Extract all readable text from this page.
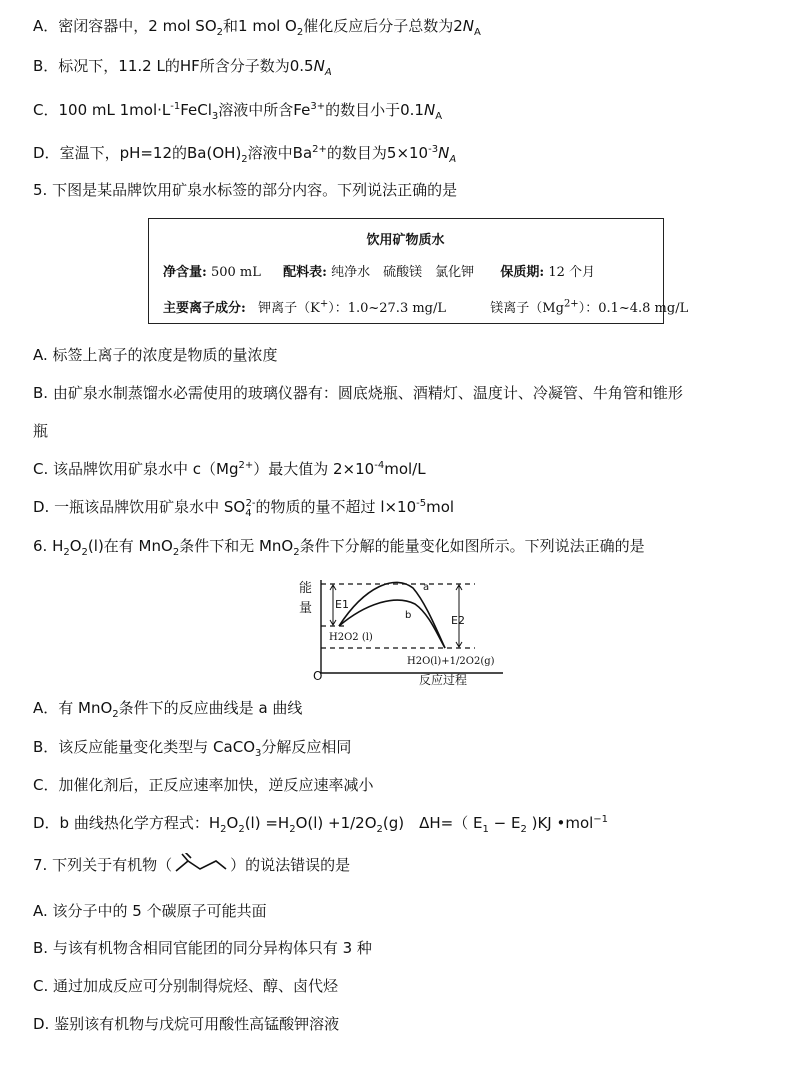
A．密闭容器中，2 mol $SO_2$和1 mol $O_2$催化反应后分子总数为$2N_A$
B．标况下，11.2 L的HF所含分子数为$0.5N_A$
C．100 mL $1mol\cdot L^{-1}FeCl_3$溶液中所含$Fe^{3+}$的数目小于$0.1N_A$
D．室温下，pH=12的$Ba(OH)_2$溶液中$Ba^{2+}$的数目为$5\times 10^{-3}N_A$
5. 下图是某品牌饮用矿泉水标签的部分内容。下列说法正确的是
饮用矿物质水
净含量: 500 mL 配料表: 纯净水　硫酸镁　氯化钾 保质期: 12 个月
主要离子成分: 钾离子（K+）：1.0~27.3 mg/L	镁离子$(Mg^{2+})$：0.1~4.8 mg/L
A. 标签上离子的浓度是物质的量浓度
B. 由矿泉水制蒸馏水必需使用的玻璃仪器有：圆底烧瓶、酒精灯、温度计、冷凝管、牛角管和锥形
瓶
C. 该品牌饮用矿泉水中 $c(Mg^{2+})$最大值为 $2\times 10^{-4}mol/L$
D. 一瓶该品牌饮用矿泉水中 $SO_4^{2-}$的物质的量不超过 $l\times 10^{-5}mol$
6. $H_2O_2(l)$在有 MnO$_2$条件下和无 MnO$_2$条件下分解的能量变化如图所示。下列说法正确的是
能
量
O	反应过程
a
b
E1
E2
H2O2 (l)
H2O(l)+1/2O2(g)
A．有 MnO$_2$条件下的反应曲线是 a 曲线
B．该反应能量变化类型与 CaCO$_3$分解反应相同
C．加催化剂后，正反应速率加快，逆反应速率减小
D．b 曲线热化学方程式：$H_2O_2(l) =H_2O(l) +1/2O_2(g)$　ΔH=（ $E_1 - E_2$ )KJ •mol$^{-1}$
7. 下列关于有机物（	）的说法错误的是
A. 该分子中的 5 个碳原子可能共面
B. 与该有机物含相同官能团的同分异构体只有 3 种
C. 通过加成反应可分别制得烷烃、醇、卤代烃
D. 鉴别该有机物与戊烷可用酸性高锰酸钾溶液
